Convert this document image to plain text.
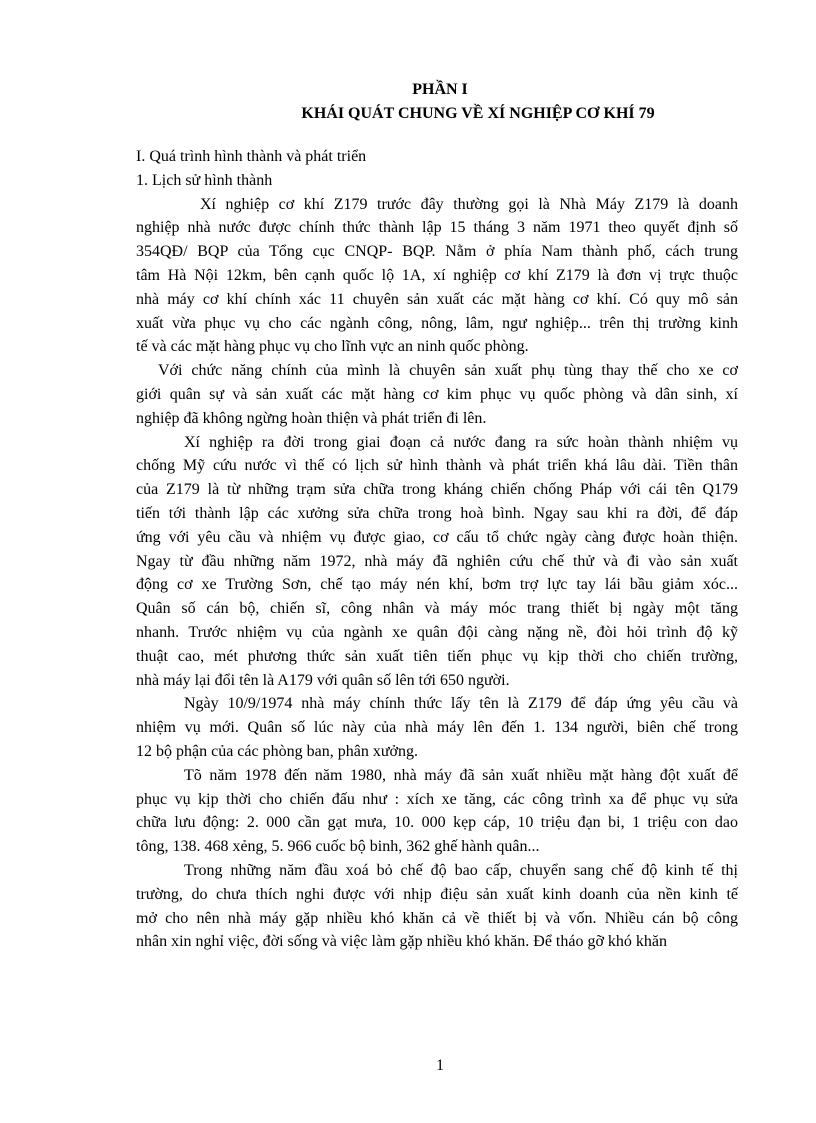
PHẦN I
KHÁI QUÁT CHUNG VỀ XÍ NGHIỆP CƠ KHÍ 79
I. Quá trình hình thành và phát triển
1. Lịch sử hình thành
Xí nghiệp cơ khí Z179 trước đây thường gọi là Nhà Máy Z179 là doanh
nghiệp nhà nước được chính thức thành lập 15 tháng 3 năm 1971 theo quyết định số
354QĐ/ BQP của Tổng cục CNQP- BQP. Nằm ở phía Nam thành phố, cách trung
tâm Hà Nội 12km, bên cạnh quốc lộ 1A, xí nghiệp cơ khí Z179 là đơn vị trực thuộc
nhà máy cơ khí chính xác 11 chuyên sản xuất các mặt hàng cơ khí. Có quy mô sản
xuất vừa phục vụ cho các ngành công, nông, lâm, ngư nghiệp... trên thị trường kinh
tế và các mặt hàng phục vụ cho lĩnh vực an ninh quốc phòng.
Với chức năng chính của mình là chuyên sản xuất phụ tùng thay thế cho xe cơ
giới quân sự và sản xuất các mặt hàng cơ kim phục vụ quốc phòng và dân sinh, xí
nghiệp đã không ngừng hoàn thiện và phát triển đi lên.
Xí nghiệp ra đời trong giai đoạn cả nước đang ra sức hoàn thành nhiệm vụ
chống Mỹ cứu nước vì thế có lịch sử hình thành và phát triển khá lâu dài. Tiền thân
của Z179 là từ những trạm sửa chữa trong kháng chiến chống Pháp với cái tên Q179
tiến tới thành lập các xưởng sửa chữa trong hoà bình. Ngay sau khi ra đời, để đáp
ứng với yêu cầu và nhiệm vụ được giao, cơ cấu tổ chức ngày càng được hoàn thiện.
Ngay từ đầu những năm 1972, nhà máy đã nghiên cứu chế thử và đi vào sản xuất
động cơ xe Trường Sơn, chế tạo máy nén khí, bơm trợ lực tay lái bầu giảm xóc...
Quân số cán bộ, chiến sĩ, công nhân và máy móc trang thiết bị ngày một tăng
nhanh. Trước nhiệm vụ của ngành xe quân đội càng nặng nề, đòi hỏi trình độ kỹ
thuật cao, mét phương thức sản xuất tiên tiến phục vụ kịp thời cho chiến trường,
nhà máy lại đổi tên là A179 với quân số lên tới 650 người.
Ngày 10/9/1974 nhà máy chính thức lấy tên là Z179 để đáp ứng yêu cầu và
nhiệm vụ mới. Quân số lúc này của nhà máy lên đến 1. 134 người, biên chế trong
12 bộ phận của các phòng ban, phân xưởng.
Tõ năm 1978 đến năm 1980, nhà máy đã sản xuất nhiều mặt hàng đột xuất để
phục vụ kịp thời cho chiến đấu như : xích xe tăng, các công trình xa để phục vụ sửa
chữa lưu động: 2. 000 cần gạt mưa, 10. 000 kẹp cáp, 10 triệu đạn bi, 1 triệu con dao
tông, 138. 468 xẻng, 5. 966 cuốc bộ binh, 362 ghế hành quân...
Trong những năm đầu xoá bỏ chế độ bao cấp, chuyển sang chế độ kinh tế thị
trường, do chưa thích nghi được với nhịp điệu sản xuất kinh doanh của nền kinh tế
mở cho nên nhà máy gặp nhiều khó khăn cả về thiết bị và vốn. Nhiều cán bộ công
nhân xin nghỉ việc, đời sống và việc làm gặp nhiều khó khăn. Để tháo gỡ khó khăn
1
